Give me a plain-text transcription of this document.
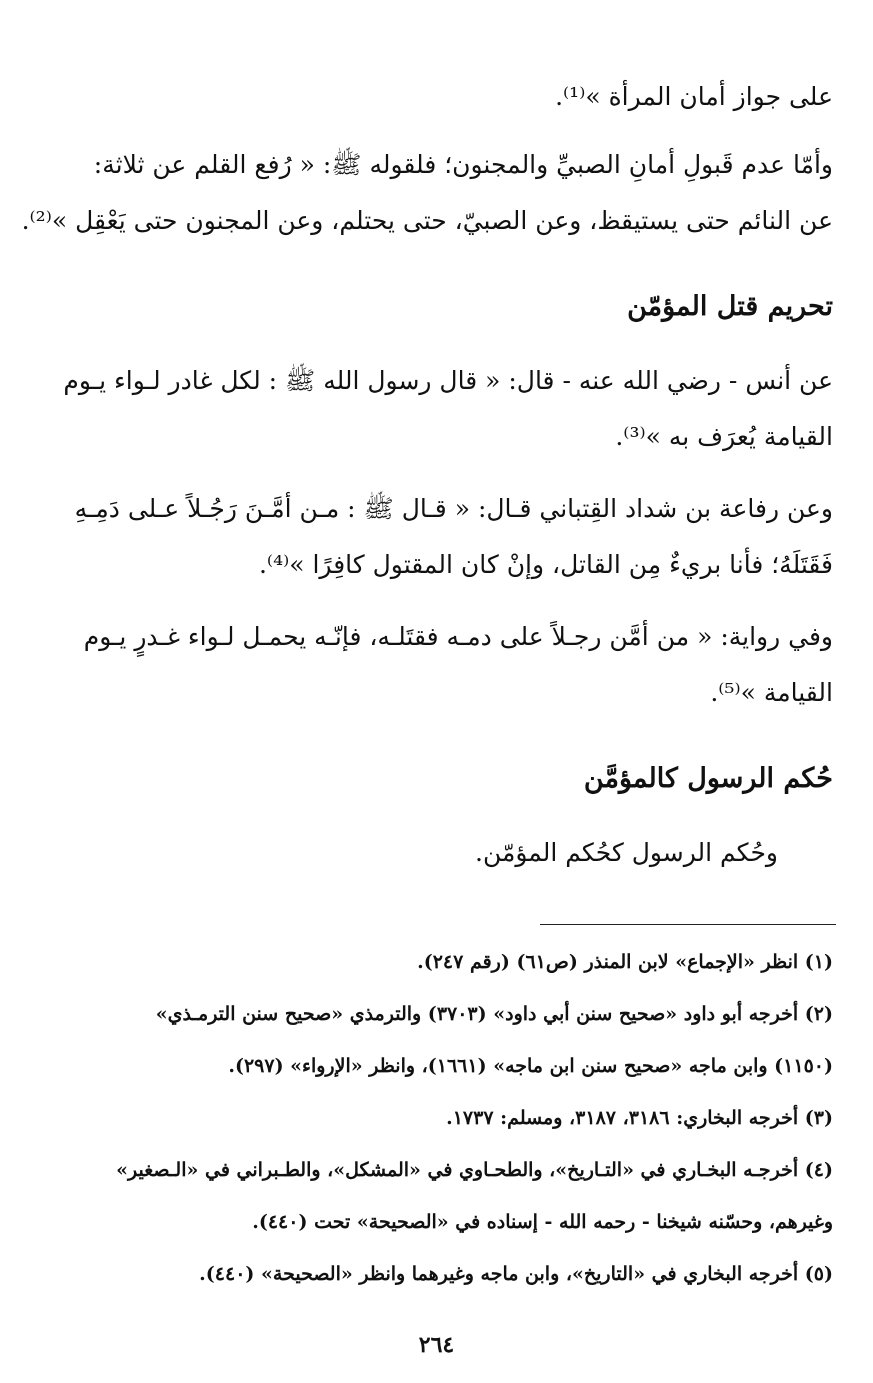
على جواز أمان المرأة »⁽¹⁾.
وأمّا عدم قَبولِ أمانِ الصبيِّ والمجنون؛ فلقوله ﷺ: « رُفع القلم عن ثلاثة:
عن النائم حتى يستيقظ، وعن الصبيّ، حتى يحتلم، وعن المجنون حتى يَعْقِل »⁽²⁾.
تحريم قتل المؤمّن
عن أنس - رضي الله عنه - قال: « قال رسول الله ﷺ : لكل غادر لـواء يـوم
القيامة يُعرَف به »⁽³⁾.
وعن رفاعة بن شداد القِتباني قـال: « قـال ﷺ : مـن أمَّـنَ رَجُـلاً عـلى دَمِـهِ
فَقَتَلَهُ؛ فأنا بريءٌ مِن القاتل، وإنْ كان المقتول كافِرًا »⁽⁴⁾.
وفي رواية: « من أمَّن رجـلاً على دمـه فقتَلـه، فإنّـه يحمـل لـواء غـدرٍ يـوم
القيامة »⁽⁵⁾.
حُكم الرسول كالمؤمَّن
وحُكم الرسول كحُكم المؤمّن.
(١) انظر «الإجماع» لابن المنذر (ص٦١) (رقم ٢٤٧).
(٢) أخرجه أبو داود «صحيح سنن أبي داود» (٣٧٠٣) والترمذي «صحيح سنن الترمـذي»
(١١٥٠) وابن ماجه «صحيح سنن ابن ماجه» (١٦٦١)، وانظر «الإرواء» (٢٩٧).
(٣) أخرجه البخاري: ٣١٨٦، ٣١٨٧، ومسلم: ١٧٣٧.
(٤) أخرجـه البخـاري في «التـاريخ»، والطحـاوي في «المشكل»، والطـبراني في «الـصغير»
وغيرهم، وحسّنه شيخنا - رحمه الله - إسناده في «الصحيحة» تحت (٤٤٠).
(٥) أخرجه البخاري في «التاريخ»، وابن ماجه وغيرهما وانظر «الصحيحة» (٤٤٠).
٢٦٤
